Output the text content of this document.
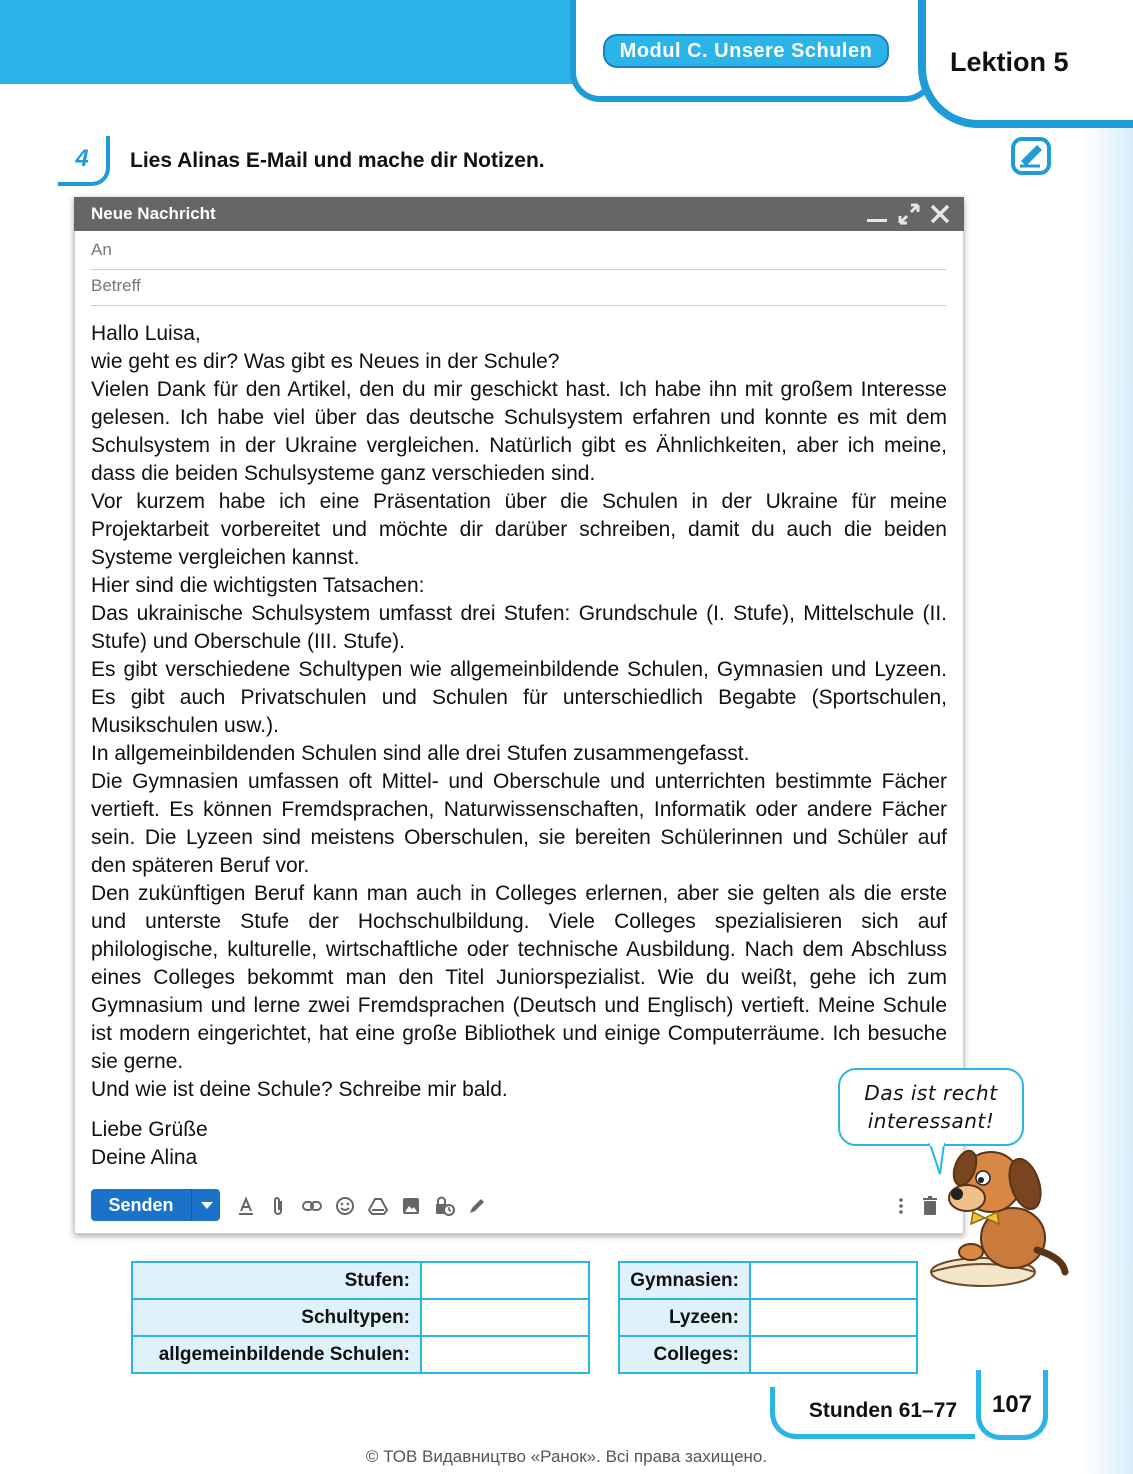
Modul C. Unsere Schulen	Lektion 5
4	Lies Alinas E-Mail und mache dir Notizen.
Neue Nachricht
An
Betreff

Hallo Luisa,

wie geht es dir? Was gibt es Neues in der Schule?

Vielen Dank für den Artikel, den du mir geschickt hast. Ich habe ihn mit großem Interesse gelesen. Ich habe viel über das deutsche Schulsystem erfahren und konnte es mit dem Schulsystem in der Ukraine vergleichen. Natürlich gibt es Ähnlichkeiten, aber ich meine, dass die beiden Schulsysteme ganz verschieden sind.

Vor kurzem habe ich eine Präsentation über die Schulen in der Ukraine für meine Projektarbeit vorbereitet und möchte dir darüber schreiben, damit du auch die beiden Systeme vergleichen kannst.

Hier sind die wichtigsten Tatsachen:

Das ukrainische Schulsystem umfasst drei Stufen: Grundschule (I. Stufe), Mittelschule (II. Stufe) und Oberschule (III. Stufe).

Es gibt verschiedene Schultypen wie allgemeinbildende Schulen, Gymnasien und Lyzeen. Es gibt auch Privatschulen und Schulen für unterschiedlich Begabte (Sportschulen, Musikschulen usw.).

In allgemeinbildenden Schulen sind alle drei Stufen zusammengefasst.

Die Gymnasien umfassen oft Mittel- und Oberschule und unterrichten bestimmte Fächer vertieft. Es können Fremdsprachen, Naturwissenschaften, Informatik oder andere Fächer sein. Die Lyzeen sind meistens Oberschulen, sie bereiten Schülerinnen und Schüler auf den späteren Beruf vor.

Den zukünftigen Beruf kann man auch in Colleges erlernen, aber sie gelten als die erste und unterste Stufe der Hochschulbildung. Viele Colleges spezialisieren sich auf philologische, kulturelle, wirtschaftliche oder technische Ausbildung. Nach dem Abschluss eines Colleges bekommt man den Titel Juniorspezialist. Wie du weißt, gehe ich zum Gymnasium und lerne zwei Fremdsprachen (Deutsch und Englisch) vertieft. Meine Schule ist modern eingerichtet, hat eine große Bibliothek und einige Computerräume. Ich besuche sie gerne.

Und wie ist deine Schule? Schreibe mir bald.

Liebe Grüße

Deine Alina

Senden
Das ist recht
interessant!
Stufen:	
Schultypen:	
allgemeinbildende Schulen:	
Gymnasien:	
Lyzeen:	
Colleges:	
Stunden 61–77	107
© ТОВ Видавництво «Ранок». Всі права захищено.
